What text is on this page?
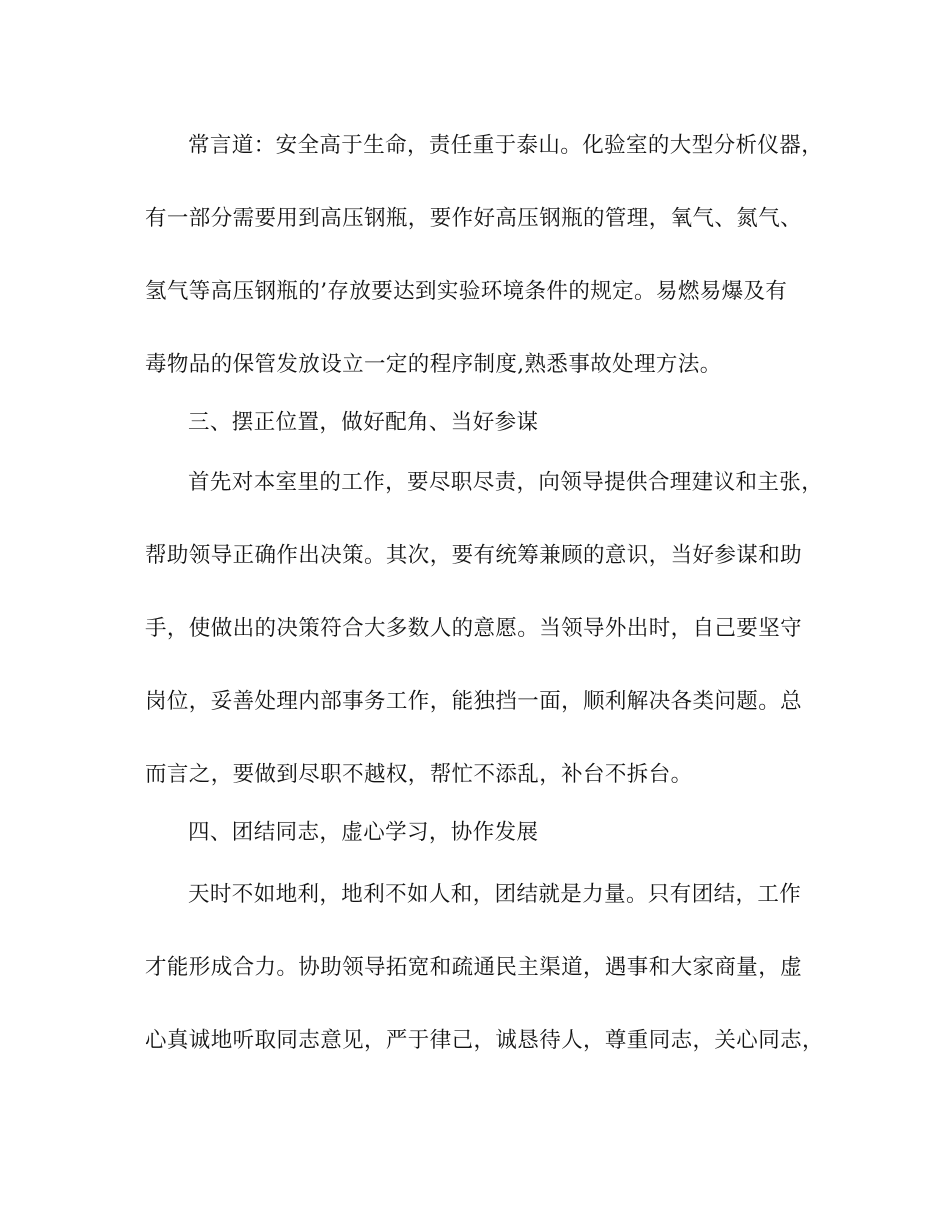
常言道：安全高于生命，责任重于泰山。化验室的大型分析仪器，
有一部分需要用到高压钢瓶，要作好高压钢瓶的管理，氧气、氮气、
氢气等高压钢瓶的’存放要达到实验环境条件的规定。易燃易爆及有
毒物品的保管发放设立一定的程序制度,熟悉事故处理方法。
三、摆正位置，做好配角、当好参谋
首先对本室里的工作，要尽职尽责，向领导提供合理建议和主张，
帮助领导正确作出决策。其次，要有统筹兼顾的意识，当好参谋和助
手，使做出的决策符合大多数人的意愿。当领导外出时，自己要坚守
岗位，妥善处理内部事务工作，能独挡一面，顺利解决各类问题。总
而言之，要做到尽职不越权，帮忙不添乱，补台不拆台。
四、团结同志，虚心学习，协作发展
天时不如地利，地利不如人和，团结就是力量。只有团结，工作
才能形成合力。协助领导拓宽和疏通民主渠道，遇事和大家商量，虚
心真诚地听取同志意见，严于律己，诚恳待人，尊重同志，关心同志，
